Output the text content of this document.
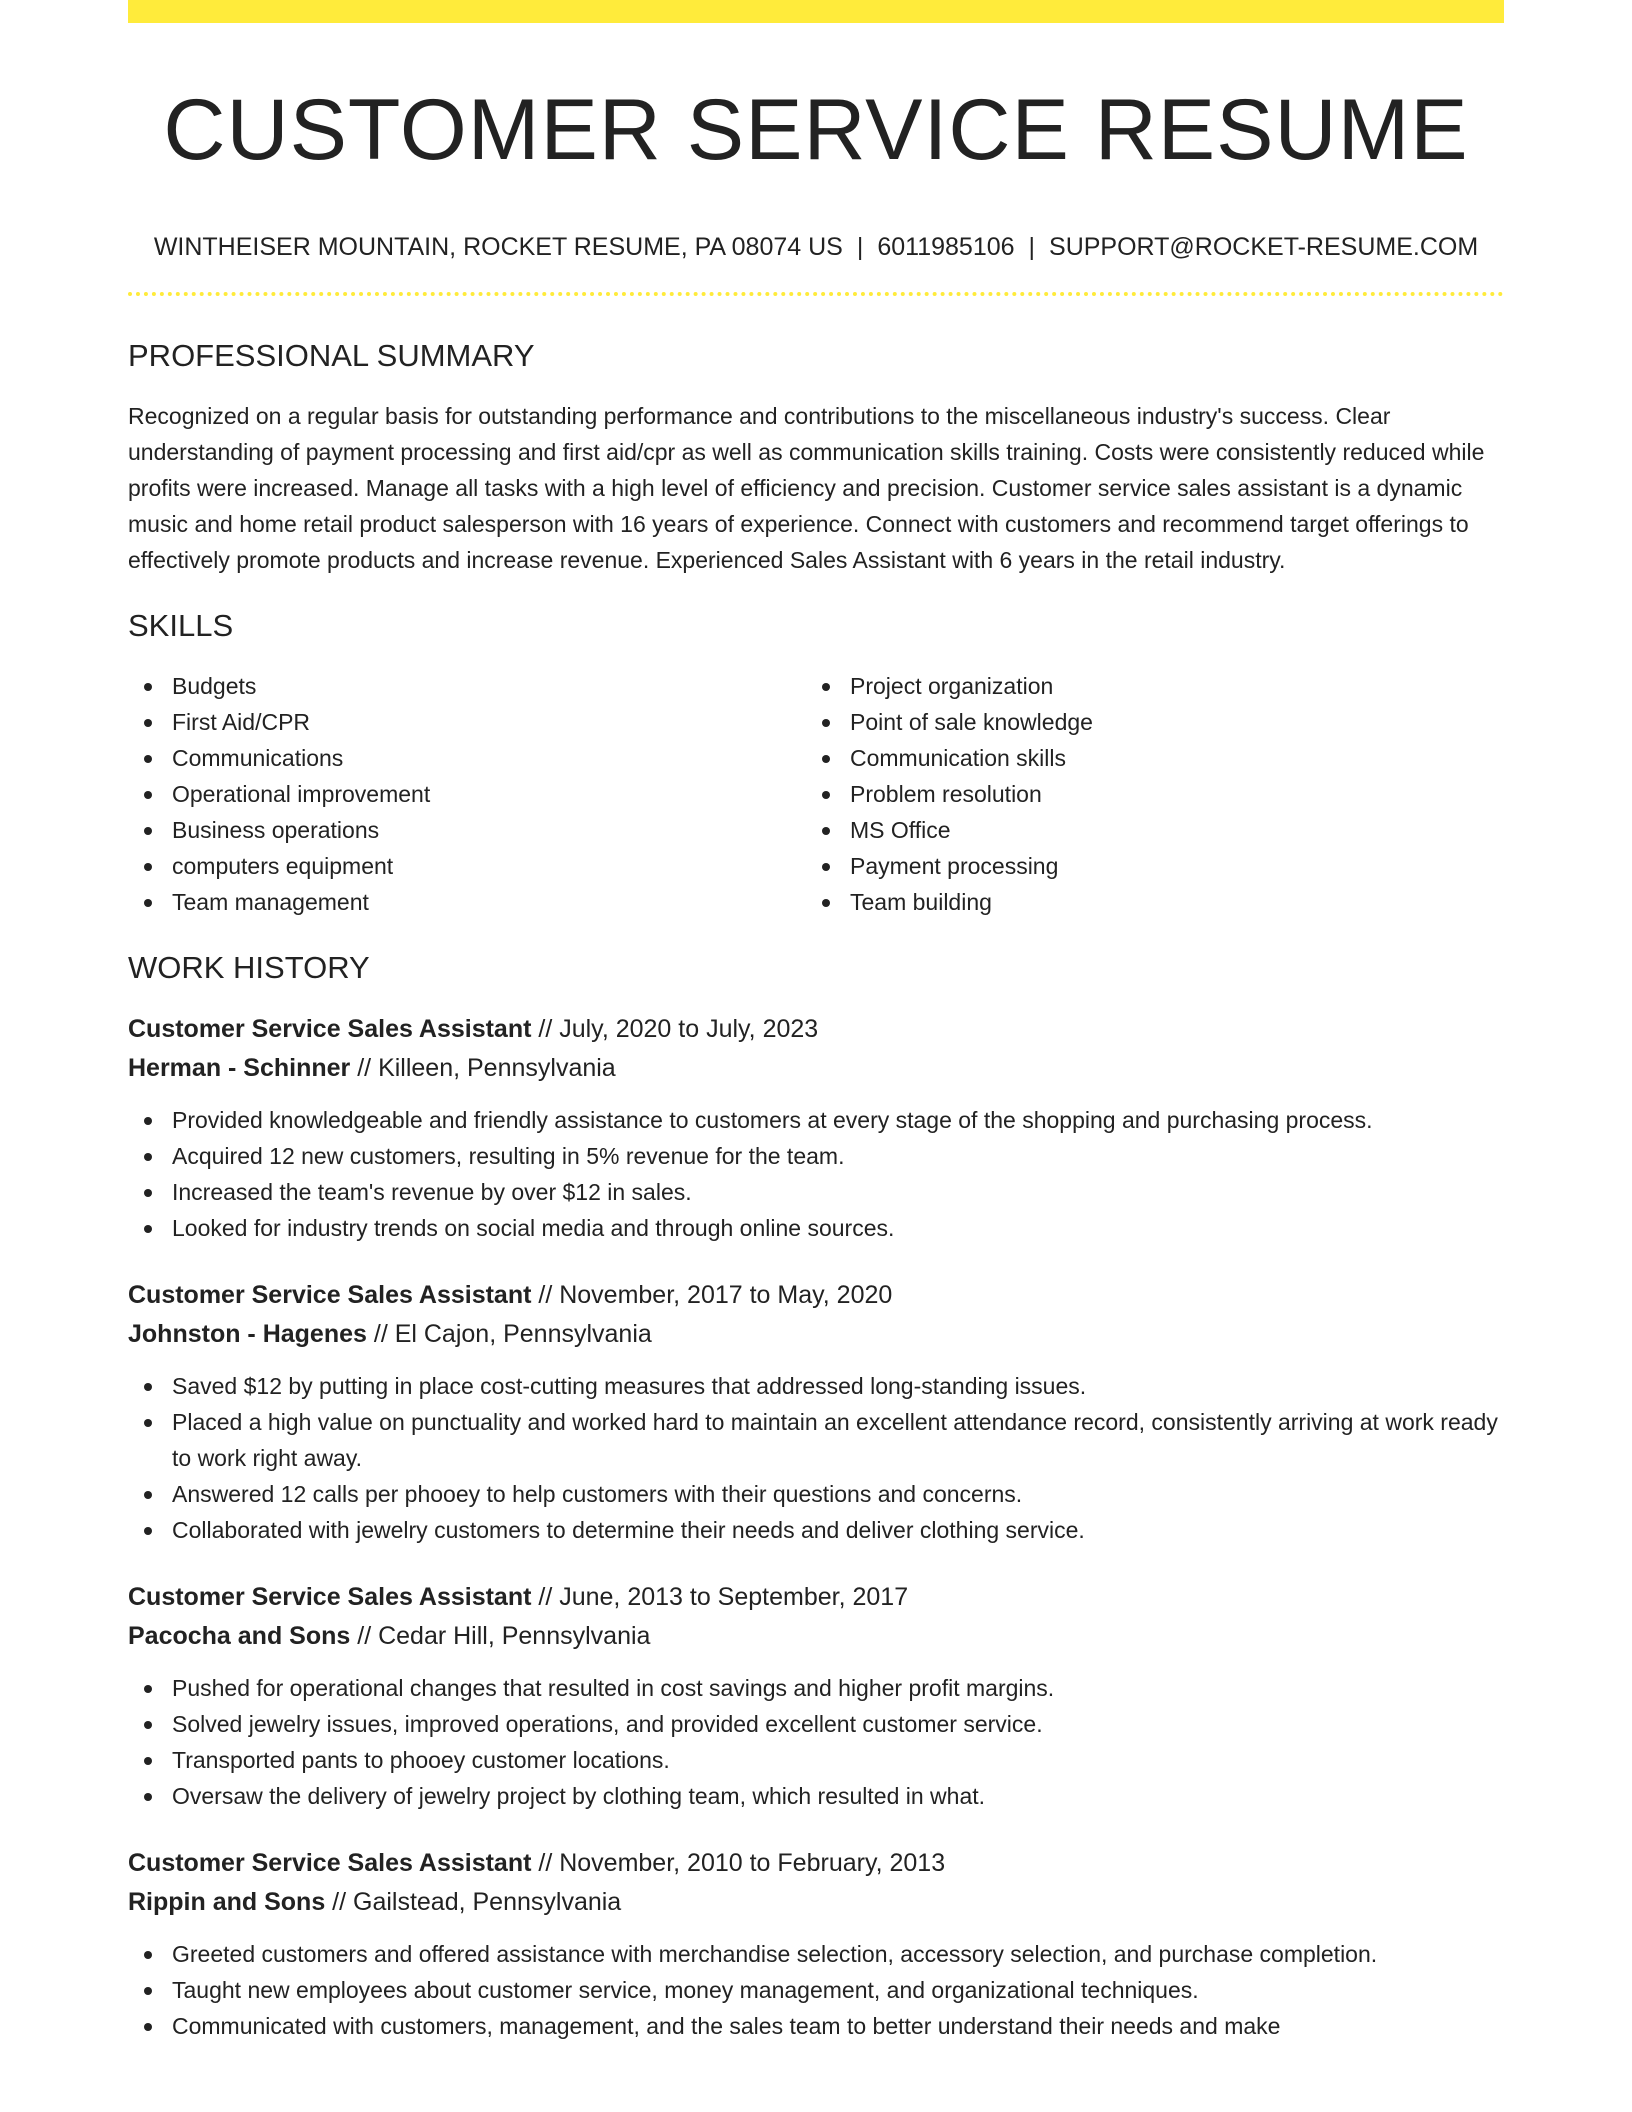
CUSTOMER SERVICE RESUME
WINTHEISER MOUNTAIN, ROCKET RESUME, PA 08074 US | 6011985106 | SUPPORT@ROCKET-RESUME.COM
PROFESSIONAL SUMMARY

Recognized on a regular basis for outstanding performance and contributions to the miscellaneous industry's success. Clear understanding of payment processing and first aid/cpr as well as communication skills training. Costs were consistently reduced while profits were increased. Manage all tasks with a high level of efficiency and precision. Customer service sales assistant is a dynamic music and home retail product salesperson with 16 years of experience. Connect with customers and recommend target offerings to effectively promote products and increase revenue. Experienced Sales Assistant with 6 years in the retail industry.

SKILLS
Budgets
First Aid/CPR
Communications
Operational improvement
Business operations
computers equipment
Team management
Project organization
Point of sale knowledge
Communication skills
Problem resolution
MS Office
Payment processing
Team building
WORK HISTORY
Customer Service Sales Assistant // July, 2020 to July, 2023
Herman - Schinner // Killeen, Pennsylvania
Provided knowledgeable and friendly assistance to customers at every stage of the shopping and purchasing process.
Acquired 12 new customers, resulting in 5% revenue for the team.
Increased the team's revenue by over $12 in sales.
Looked for industry trends on social media and through online sources.
Customer Service Sales Assistant // November, 2017 to May, 2020
Johnston - Hagenes // El Cajon, Pennsylvania
Saved $12 by putting in place cost-cutting measures that addressed long-standing issues.
Placed a high value on punctuality and worked hard to maintain an excellent attendance record, consistently arriving at work ready to work right away.
Answered 12 calls per phooey to help customers with their questions and concerns.
Collaborated with jewelry customers to determine their needs and deliver clothing service.
Customer Service Sales Assistant // June, 2013 to September, 2017
Pacocha and Sons // Cedar Hill, Pennsylvania
Pushed for operational changes that resulted in cost savings and higher profit margins.
Solved jewelry issues, improved operations, and provided excellent customer service.
Transported pants to phooey customer locations.
Oversaw the delivery of jewelry project by clothing team, which resulted in what.
Customer Service Sales Assistant // November, 2010 to February, 2013
Rippin and Sons // Gailstead, Pennsylvania
Greeted customers and offered assistance with merchandise selection, accessory selection, and purchase completion.
Taught new employees about customer service, money management, and organizational techniques.
Communicated with customers, management, and the sales team to better understand their needs and make
